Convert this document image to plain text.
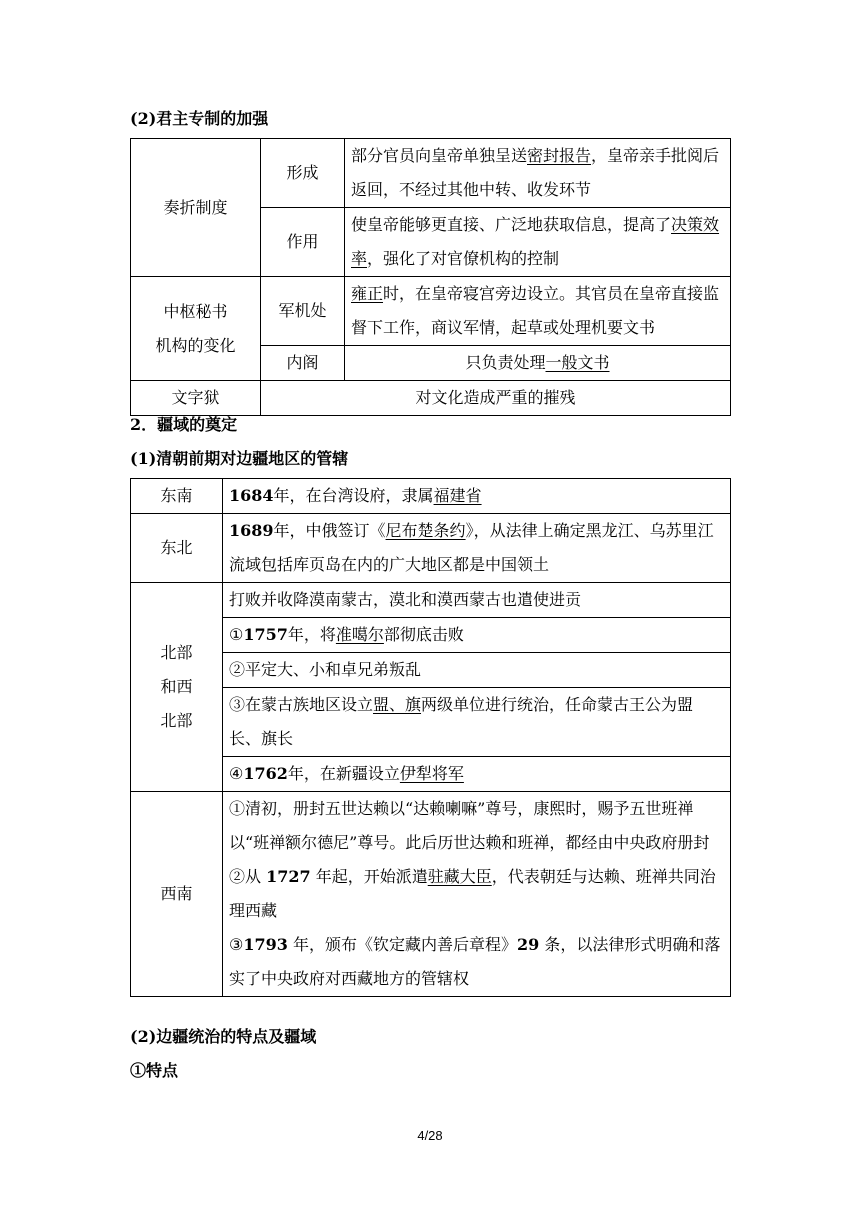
(2)君主专制的加强
奏折制度	形成	部分官员向皇帝单独呈送密封报告，皇帝亲手批阅后返回，不经过其他中转、收发环节
	作用	使皇帝能够更直接、广泛地获取信息，提高了决策效率，强化了对官僚机构的控制

中枢秘书
机构的变化	军机处	雍正时，在皇帝寝宫旁边设立。其官员在皇帝直接监督下工作，商议军情，起草或处理机要文书
	内阁	只负责处理一般文书
文字狱	对文化造成严重的摧残	
2．疆域的奠定
(1)清朝前期对边疆地区的管辖
东南	1684年，在台湾设府，隶属福建省
东北	1689年，中俄签订《尼布楚条约》，从法律上确定黑龙江、乌苏里江流域包括库页岛在内的广大地区都是中国领土

北部
和西
北部	打败并收降漠南蒙古，漠北和漠西蒙古也遣使进贡
	①1757年，将准噶尔部彻底击败
	②平定大、小和卓兄弟叛乱
	③在蒙古族地区设立盟、旗两级单位进行统治，任命蒙古王公为盟长、旗长
	④1762年，在新疆设立伊犁将军
西南	①清初，册封五世达赖以“达赖喇嘛”尊号，康熙时，赐予五世班禅以“班禅额尔德尼”尊号。此后历世达赖和班禅，都经由中央政府册封
②从 1727 年起，开始派遣驻藏大臣，代表朝廷与达赖、班禅共同治理西藏
③1793 年，颁布《钦定藏内善后章程》29 条，以法律形式明确和落实了中央政府对西藏地方的管辖权
(2)边疆统治的特点及疆域
①特点
4/28
